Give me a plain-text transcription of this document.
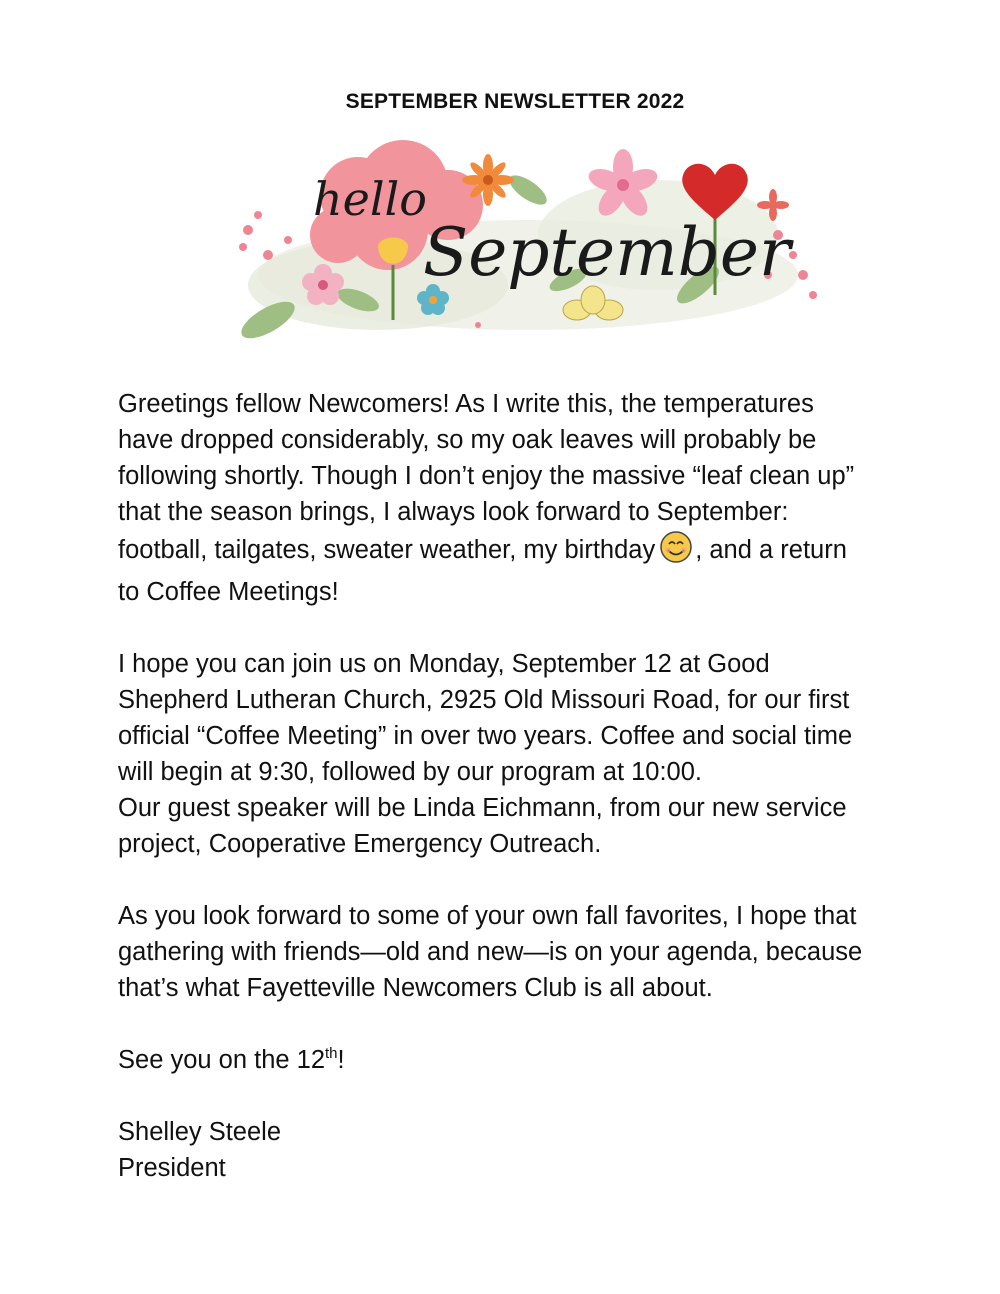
SEPTEMBER NEWSLETTER 2022
hello
September
Greetings fellow Newcomers! As I write this, the temperatures
have dropped considerably, so my oak leaves will probably be
following shortly. Though I don’t enjoy the massive “leaf clean up”
that the season brings, I always look forward to September:
football, tailgates, sweater weather, my birthday , and a return
to Coffee Meetings!
I hope you can join us on Monday, September 12 at Good
Shepherd Lutheran Church, 2925 Old Missouri Road, for our first
official “Coffee Meeting” in over two years. Coffee and social time
will begin at 9:30, followed by our program at 10:00.
Our guest speaker will be Linda Eichmann, from our new service
project, Cooperative Emergency Outreach.
As you look forward to some of your own fall favorites, I hope that
gathering with friends—old and new—is on your agenda, because
that’s what Fayetteville Newcomers Club is all about.
See you on the 12th!
Shelley Steele
President
